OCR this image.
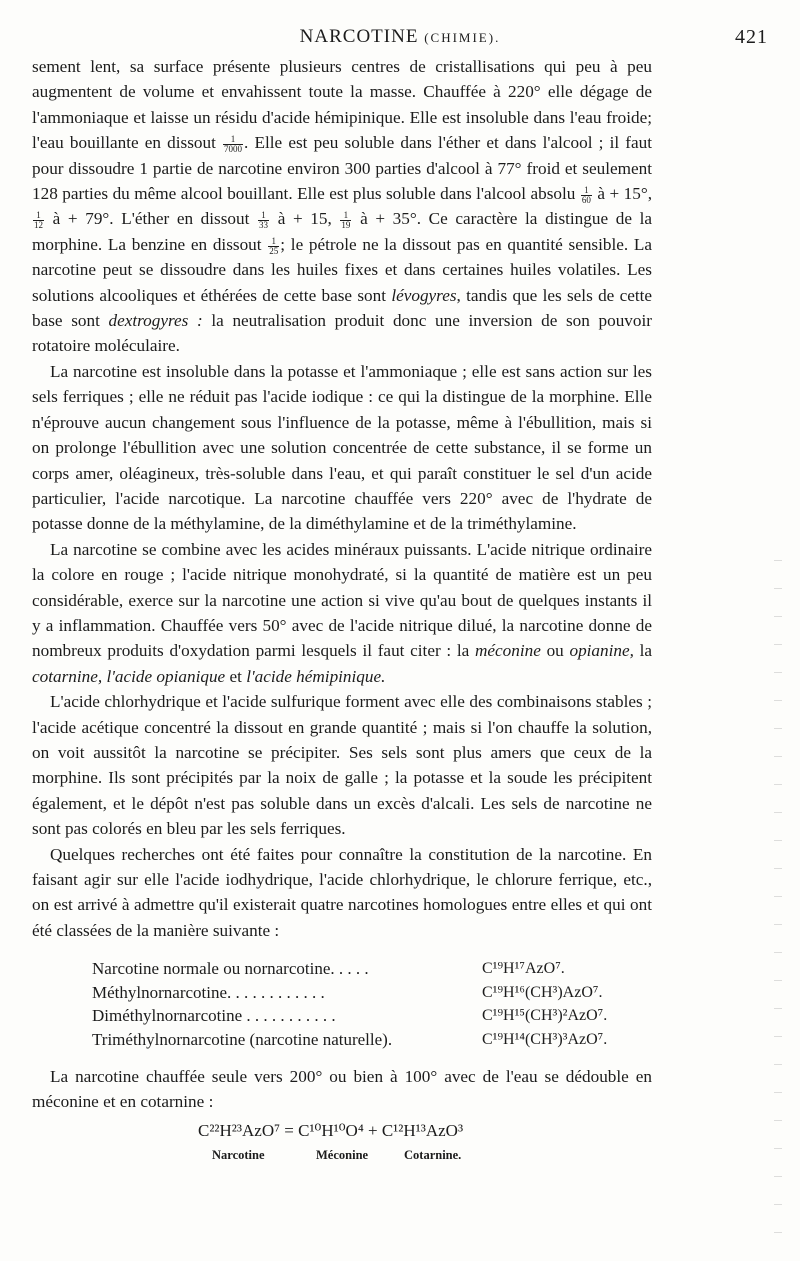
NARCOTINE (CHIMIE).	421

sement lent, sa surface présente plusieurs centres de cristallisations qui peu à peu augmentent de volume et envahissent toute la masse. Chauffée à 220° elle dégage de l'ammoniaque et laisse un résidu d'acide hémipinique. Elle est insoluble dans l'eau froide; l'eau bouillante en dissout $\frac{1}{7000}$ . Elle est peu soluble dans l'éther et dans l'alcool ; il faut pour dissoudre 1 partie de narcotine environ 300 parties d'alcool à 77° froid et seulement 128 parties du même alcool bouillant. Elle est plus soluble dans l'alcool absolu $\frac{1}{60}$ à + 15°,
$\frac{1}{12}$ à + 79°. L'éther en dissout $\frac{1}{33}$ à + 15, $\frac{1}{19}$ à + 35°. Ce caractère la distingue de la morphine. La benzine en dissout $\frac{1}{25}$ ; le pétrole ne la dissout pas en quantité sensible. La narcotine peut se dissoudre dans les huiles fixes et dans certaines huiles volatiles. Les solutions alcooliques et éthérées de cette base sont lévogyres, tandis que les sels de cette base sont dextrogyres : la neutralisation produit donc une inversion de son pouvoir rotatoire moléculaire.

La narcotine est insoluble dans la potasse et l'ammoniaque ; elle est sans action sur les sels ferriques ; elle ne réduit pas l'acide iodique : ce qui la distingue de la morphine. Elle n'éprouve aucun changement sous l'influence de la potasse, même à l'ébullition, mais si on prolonge l'ébullition avec une solution concentrée de cette substance, il se forme un corps amer, oléagineux, très-soluble dans l'eau, et qui paraît constituer le sel d'un acide particulier, l'acide narcotique. La narcotine chauffée vers 220° avec de l'hydrate de potasse donne de la méthylamine, de la diméthylamine et de la triméthylamine.

La narcotine se combine avec les acides minéraux puissants. L'acide nitrique ordinaire la colore en rouge ; l'acide nitrique monohydraté, si la quantité de matière est un peu considérable, exerce sur la narcotine une action si vive qu'au bout de quelques instants il y a inflammation. Chauffée vers 50° avec de l'acide nitrique dilué, la narcotine donne de nombreux produits d'oxydation parmi lesquels il faut citer : la méconine ou opianine, la cotarnine, l'acide opianique et l'acide hémipinique.

L'acide chlorhydrique et l'acide sulfurique forment avec elle des combinaisons stables ; l'acide acétique concentré la dissout en grande quantité ; mais si l'on chauffe la solution, on voit aussitôt la narcotine se précipiter. Ses sels sont plus amers que ceux de la morphine. Ils sont précipités par la noix de galle ; la potasse et la soude les précipitent également, et le dépôt n'est pas soluble dans un excès d'alcali. Les sels de narcotine ne sont pas colorés en bleu par les sels ferriques.

Quelques recherches ont été faites pour connaître la constitution de la narcotine. En faisant agir sur elle l'acide iodhydrique, l'acide chlorhydrique, le chlorure ferrique, etc., on est arrivé à admettre qu'il existerait quatre narcotines homologues entre elles et qui ont été classées de la manière suivante :

Narcotine normale ou nornarcotine. . . . .	C¹⁹H¹⁷AzO⁷.
Méthylnornarcotine. . . . . . . . . . . .	C¹⁹H¹⁶(CH³)AzO⁷.
Diméthylnornarcotine . . . . . . . . . . .	C¹⁹H¹⁵(CH³)²AzO⁷.
Triméthylnornarcotine (narcotine naturelle).	C¹⁹H¹⁴(CH³)³AzO⁷.

La narcotine chauffée seule vers 200° ou bien à 100° avec de l'eau se dédouble en méconine et en cotarnine :

C²²H²³AzO⁷ = C¹⁰H¹⁰O⁴ + C¹²H¹³AzO³
Narcotine	Méconine	Cotarnine.
